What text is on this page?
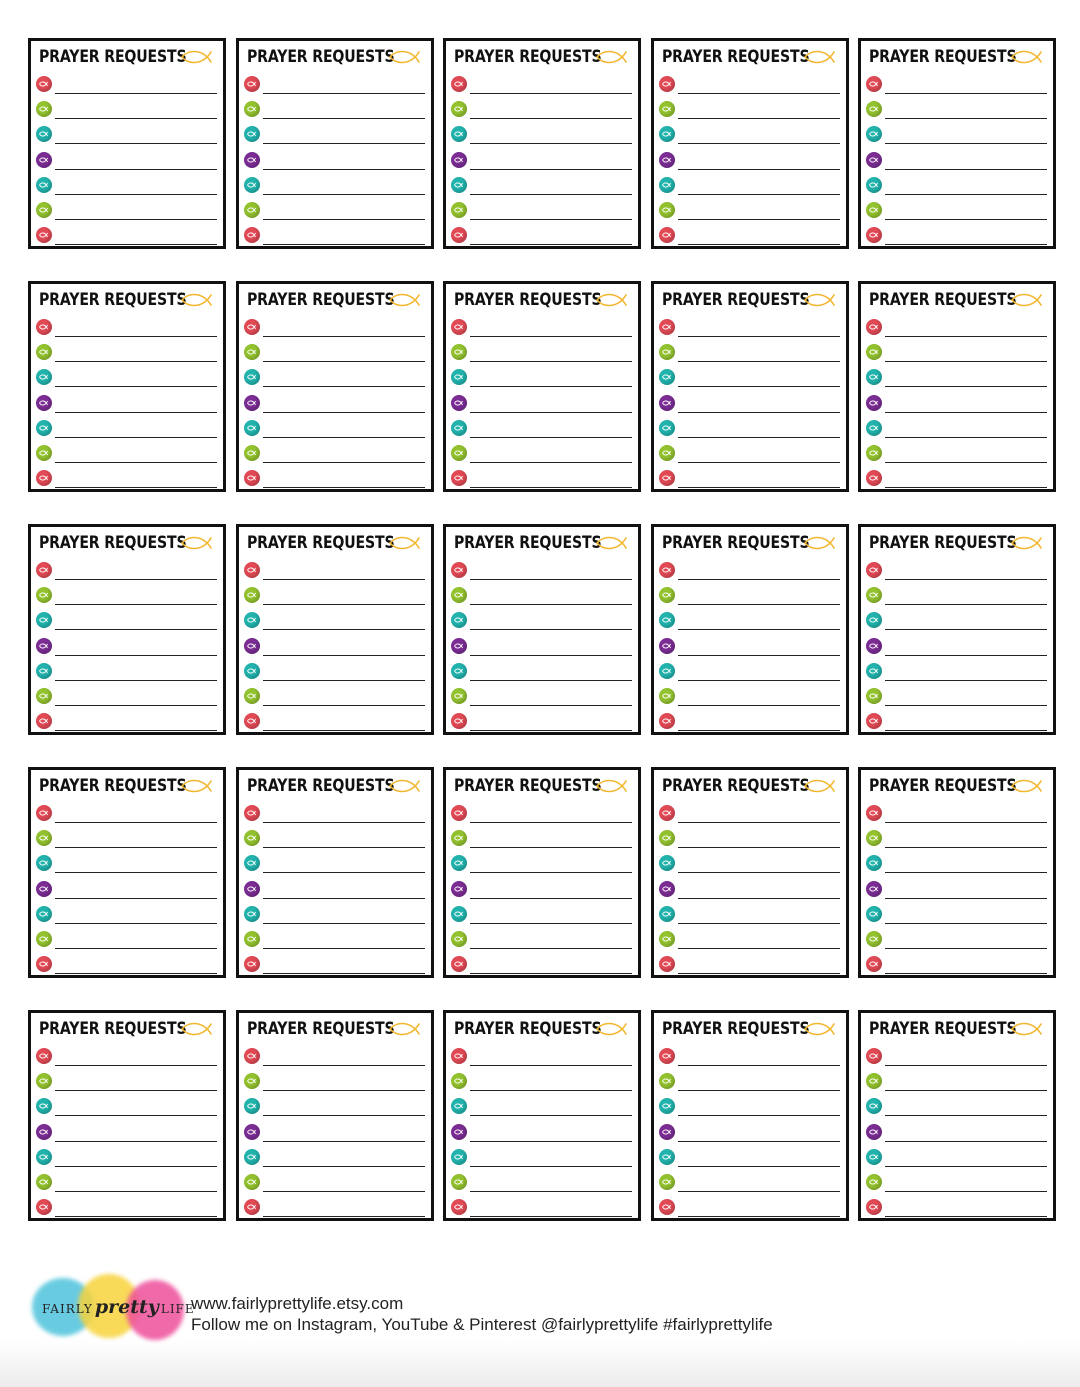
PRAYER REQUESTS	PRAYER REQUESTS	PRAYER REQUESTS	PRAYER REQUESTS	PRAYER REQUESTS
PRAYER REQUESTS	PRAYER REQUESTS	PRAYER REQUESTS	PRAYER REQUESTS	PRAYER REQUESTS
PRAYER REQUESTS	PRAYER REQUESTS	PRAYER REQUESTS	PRAYER REQUESTS	PRAYER REQUESTS
PRAYER REQUESTS	PRAYER REQUESTS	PRAYER REQUESTS	PRAYER REQUESTS	PRAYER REQUESTS
PRAYER REQUESTS	PRAYER REQUESTS	PRAYER REQUESTS	PRAYER REQUESTS	PRAYER REQUESTS
FAIRLY pretty LIFE
www.fairlyprettylife.etsy.com
Follow me on Instagram, YouTube & Pinterest @fairlyprettylife #fairlyprettylife
